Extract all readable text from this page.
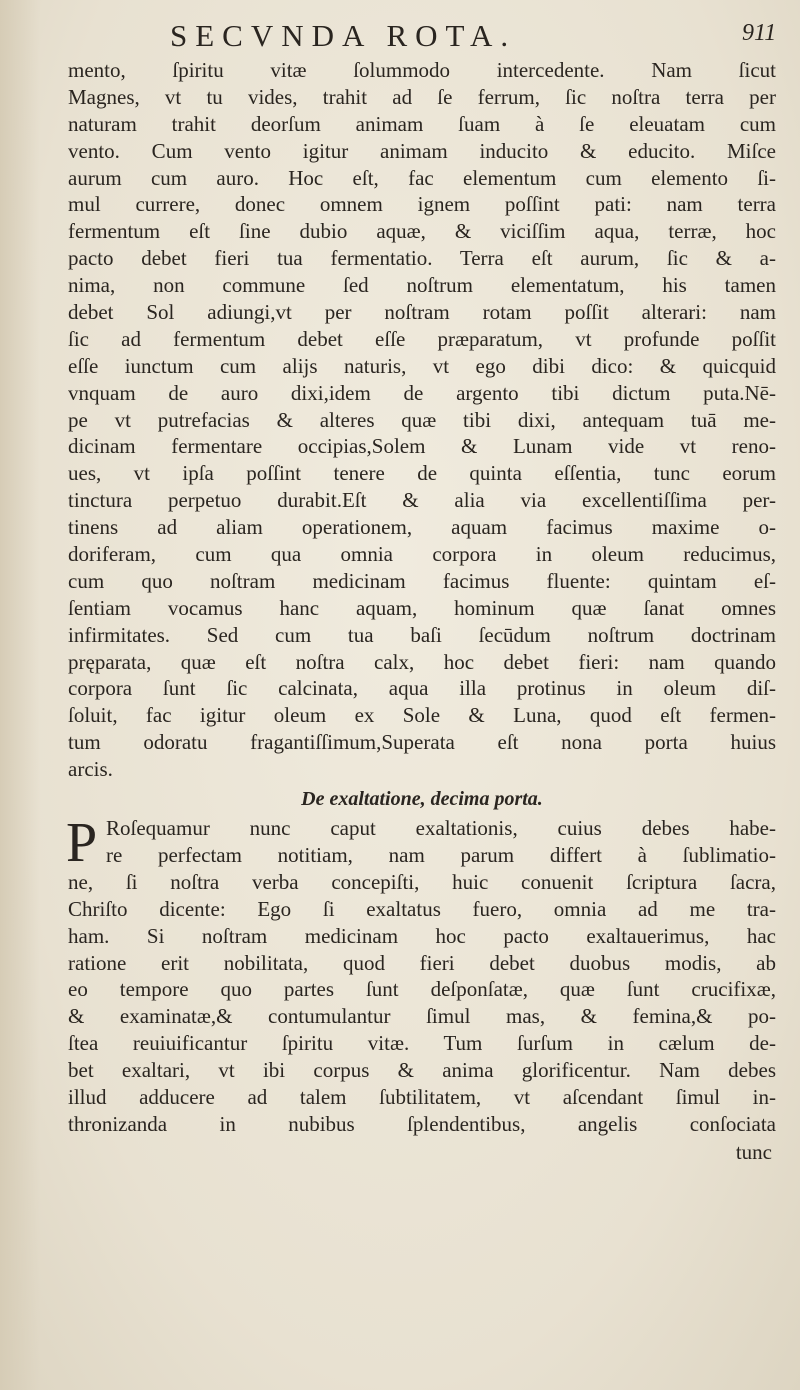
SECVNDA ROTA.	911
mento, ſpiritu vitæ ſolummodo intercedente. Nam ſicut
Magnes, vt tu vides, trahit ad ſe ferrum, ſic noſtra terra per
naturam trahit deorſum animam ſuam à ſe eleuatam cum
vento. Cum vento igitur animam inducito & educito. Miſce
aurum cum auro. Hoc eſt, fac elementum cum elemento ſi-
mul currere, donec omnem ignem poſſint pati: nam terra
fermentum eſt ſine dubio aquæ, & viciſſim aqua, terræ, hoc
pacto debet fieri tua fermentatio. Terra eſt aurum, ſic & a-
nima, non commune ſed noſtrum elementatum, his tamen
debet Sol adiungi,vt per noſtram rotam poſſit alterari: nam
ſic ad fermentum debet eſſe præparatum, vt profunde poſſit
eſſe iunctum cum alijs naturis, vt ego dibi dico: & quicquid
vnquam de auro dixi,idem de argento tibi dictum puta.Nē-
pe vt putrefacias & alteres quæ tibi dixi, antequam tuā me-
dicinam fermentare occipias,Solem & Lunam vide vt reno-
ues, vt ipſa poſſint tenere de quinta eſſentia, tunc eorum
tinctura perpetuo durabit.Eſt & alia via excellentiſſima per-
tinens ad aliam operationem, aquam facimus maxime o-
doriferam, cum qua omnia corpora in oleum reducimus,
cum quo noſtram medicinam facimus fluente: quintam eſ-
ſentiam vocamus hanc aquam, hominum quæ ſanat omnes
infirmitates. Sed cum tua baſi ſecūdum noſtrum doctrinam
pręparata, quæ eſt noſtra calx, hoc debet fieri: nam quando
corpora ſunt ſic calcinata, aqua illa protinus in oleum diſ-
ſoluit, fac igitur oleum ex Sole & Luna, quod eſt fermen-
tum odoratu fragantiſſimum,Superata eſt nona porta huius
arcis.
De exaltatione, decima porta.
P Roſequamur nunc caput exaltationis, cuius debes habe-
re perfectam notitiam, nam parum differt à ſublimatio-
ne, ſi noſtra verba concepiſti, huic conuenit ſcriptura ſacra,
Chriſto dicente: Ego ſi exaltatus fuero, omnia ad me tra-
ham. Si noſtram medicinam hoc pacto exaltauerimus, hac
ratione erit nobilitata, quod fieri debet duobus modis, ab
eo tempore quo partes ſunt deſponſatæ, quæ ſunt crucifixæ,
& examinatæ,& contumulantur ſimul mas, & femina,& po-
ſtea reuiuificantur ſpiritu vitæ. Tum ſurſum in cælum de-
bet exaltari, vt ibi corpus & anima glorificentur. Nam debes
illud adducere ad talem ſubtilitatem, vt aſcendant ſimul in-
thronizanda in nubibus ſplendentibus, angelis conſociata
tunc
